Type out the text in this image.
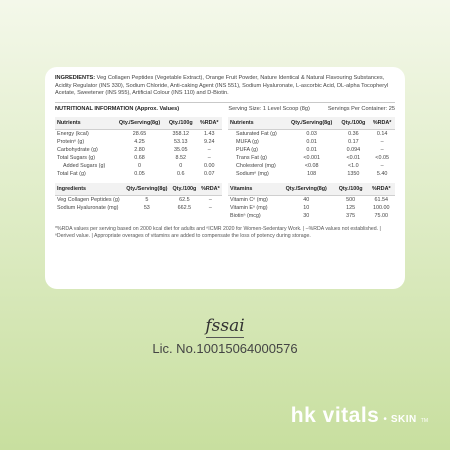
INGREDIENTS: Veg Collagen Peptides (Vegetable Extract), Orange Fruit Powder, Nature Identical & Natural Flavouring Substances, Acidity Regulator (INS 330), Sodium Chloride, Anti-caking Agent (INS 551), Sodium Hyaluronate, L-ascorbic Acid, DL-alpha Tocopheryl Acetate, Sweetener (INS 955), Artificial Colour (INS 110) and D-Biotin.

NUTRITIONAL INFORMATION (Approx. Values)	Serving Size: 1 Level Scoop (8g)	Servings Per Container: 25
Nutrients	Qty./Serving(8g)	Qty./100g	%RDA*
Energy (kcal)	28.65	358.12	1.43
Proteinⁿ (g)	4.25	53.13	9.24
Carbohydrate (g)	2.80	35.05	–
Total Sugars (g)	0.68	8.52	–
Added Sugars (g)	0	0	0.00
Total Fat (g)	0.05	0.6	0.07
Ingredients	Qty./Serving(8g)	Qty./100g	%RDA*
Veg Collagen Peptides (g)	5	62.5	–
Sodium Hyaluronate (mg)	53	662.5	–
Nutrients	Qty./Serving(8g)	Qty./100g	%RDA*
Saturated Fat (g)	0.03	0.36	0.14
MUFA (g)	0.01	0.17	–
PUFA (g)	0.01	0.094	–
Trans Fat (g)	<0.001	<0.01	<0.05
Cholesterol (mg)	<0.08	<1.0	–
Sodiumⁿ (mg)	108	1350	5.40
Vitamins	Qty./Serving(8g)	Qty./100g	%RDA*
Vitamin Cⁿ (mg)	40	500	61.54
Vitamin Eⁿ (mg)	10	125	100.00
Biotinⁿ (mcg)	30	375	75.00
*%RDA values per serving based on 2000 kcal diet for adults and ⁿICMR 2020 for Women-Sedentary Work. | –%RDA values not established. | ⁿDerived value. | Appropriate overages of vitamins are added to compensate the loss of potency during storage.
fssai
Lic. No.10015064000576
hk vitals • SKIN TM
